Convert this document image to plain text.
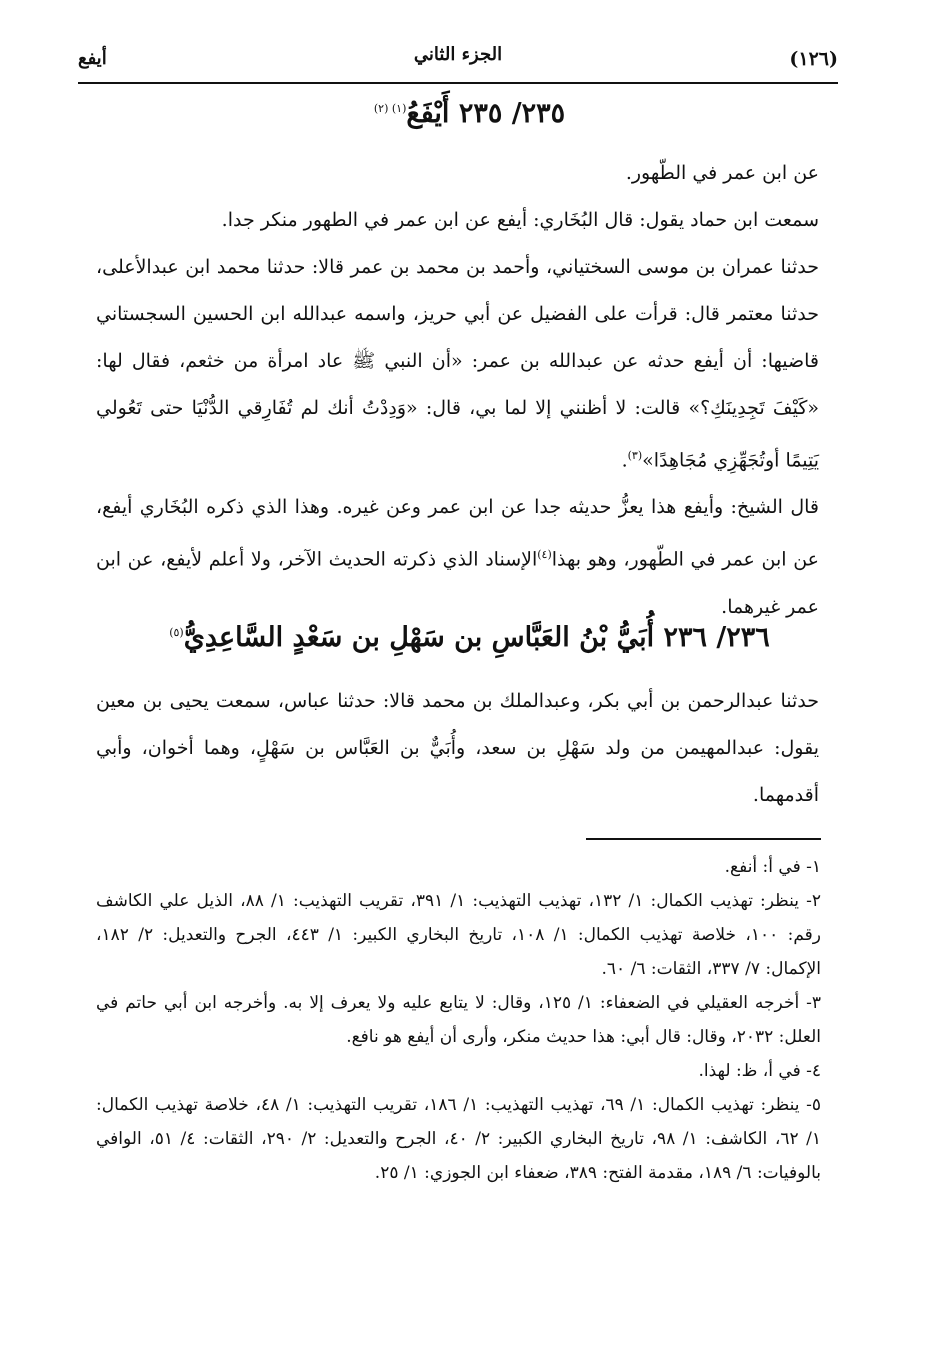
(١٢٦)
الجزء الثاني
أيفع
٢٣٥/ ٢٣٥ أَيْفَعُ$^{(١) (٢)}$

عن ابن عمر في الطّهور.

سمعت ابن حماد يقول: قال البُخَاري: أيفع عن ابن عمر في الطهور منكر جدا.

حدثنا عمران بن موسى السختياني، وأحمد بن محمد بن عمر قالا: حدثنا محمد ابن عبدالأعلى، حدثنا معتمر قال: قرأت على الفضيل عن أبي حريز، واسمه عبدالله ابن الحسين السجستاني قاضيها: أن أيفع حدثه عن عبدالله بن عمر: «أن النبي ﷺ عاد امرأة من خثعم، فقال لها: «كَيْفَ تَجِدِينَكِ؟» قالت: لا أظنني إلا لما بي، قال: «وَدِدْتُ أنك لم تُفَارِقي الدُّنْيَا حتى تَعُولي يَتِيمًا أوتُجَهِّزِي مُجَاهِدًا»$^{(٣)}$.

قال الشيخ: وأيفع هذا يعزُّ حديثه جدا عن ابن عمر وعن غيره. وهذا الذي ذكره البُخَاري أيفع، عن ابن عمر في الطّهور، وهو بهذا$^{(٤)}$الإسناد الذي ذكرته الحديث الآخر، ولا أعلم لأيفع، عن ابن عمر غيرهما.

٢٣٦/ ٢٣٦ أُبَيُّ بْنُ العَبَّاسِ بن سَهْلِ بن سَعْدٍ السَّاعِدِيُّ$^{(٥)}$

حدثنا عبدالرحمن بن أبي بكر، وعبدالملك بن محمد قالا: حدثنا عباس، سمعت يحيى بن معين يقول: عبدالمهيمن من ولد سَهْلِ بن سعد، وأُبَيٌّ بن العَبَّاس بن سَهْلٍ، وهما أخوان، وأبي أقدمهما.

١- في أ: أنفع.

٢- ينظر: تهذيب الكمال: ١/ ١٣٢، تهذيب التهذيب: ١/ ٣٩١، تقريب التهذيب: ١/ ٨٨، الذيل علي الكاشف رقم: ١٠٠، خلاصة تهذيب الكمال: ١/ ١٠٨، تاريخ البخاري الكبير: ١/ ٤٤٣، الجرح والتعديل: ٢/ ١٨٢، الإكمال: ٧/ ٣٣٧، الثقات: ٦/ ٦٠.

٣- أخرجه العقيلي في الضعفاء: ١/ ١٢٥، وقال: لا يتابع عليه ولا يعرف إلا به. وأخرجه ابن أبي حاتم في العلل: ٢٠٣٢، وقال: قال أبي: هذا حديث منكر، وأرى أن أيفع هو نافع.

٤- في أ، ظ: لهذا.

٥- ينظر: تهذيب الكمال: ١/ ٦٩، تهذيب التهذيب: ١/ ١٨٦، تقريب التهذيب: ١/ ٤٨، خلاصة تهذيب الكمال: ١/ ٦٢، الكاشف: ١/ ٩٨، تاريخ البخاري الكبير: ٢/ ٤٠، الجرح والتعديل: ٢/ ٢٩٠، الثقات: ٤/ ٥١، الوافي بالوفيات: ٦/ ١٨٩، مقدمة الفتح: ٣٨٩، ضعفاء ابن الجوزي: ١/ ٢٥.
